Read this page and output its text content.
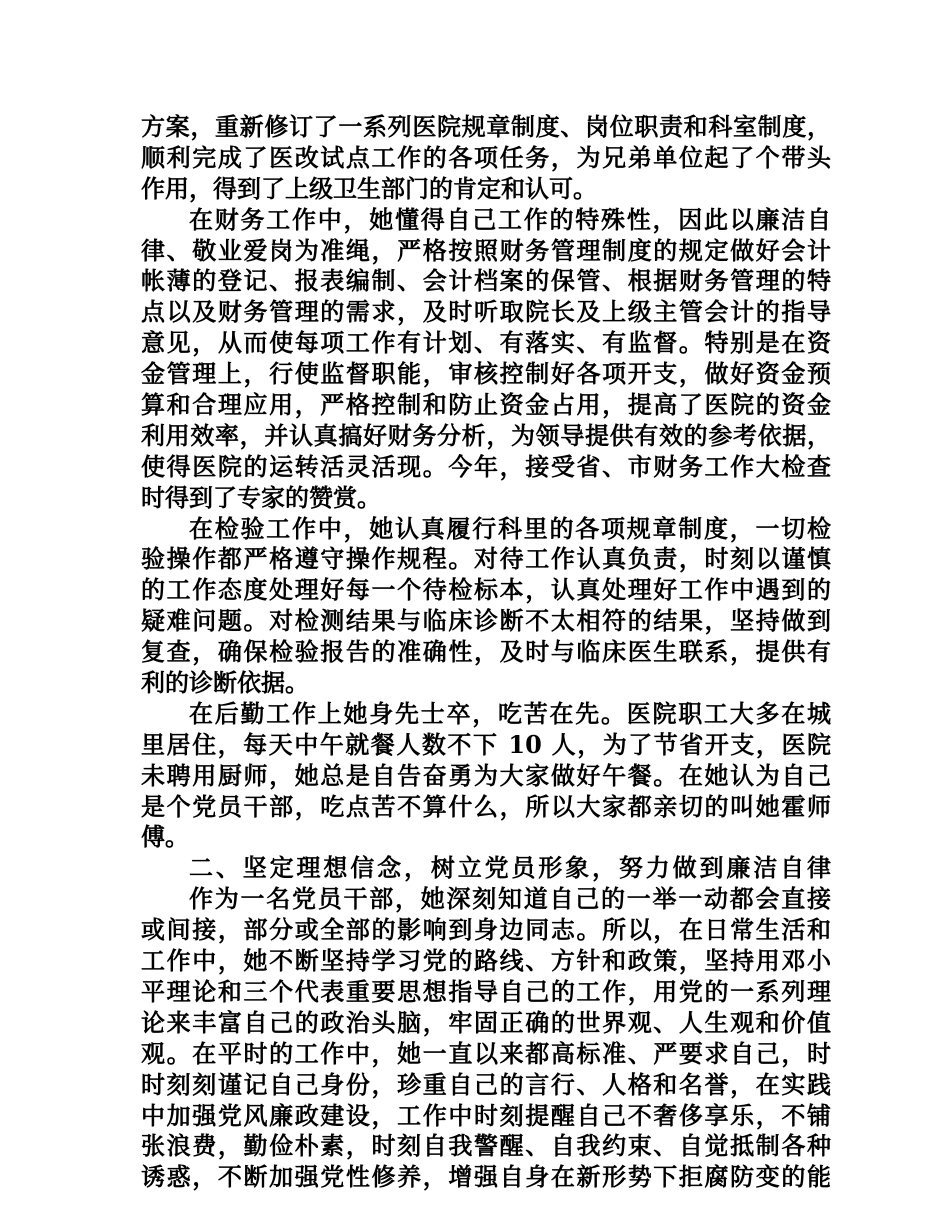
方案，重新修订了一系列医院规章制度、岗位职责和科室制度，
顺利完成了医改试点工作的各项任务，为兄弟单位起了个带头
作用，得到了上级卫生部门的肯定和认可。
在财务工作中，她懂得自己工作的特殊性，因此以廉洁自
律、敬业爱岗为准绳，严格按照财务管理制度的规定做好会计
帐薄的登记、报表编制、会计档案的保管、根据财务管理的特
点以及财务管理的需求，及时听取院长及上级主管会计的指导
意见，从而使每项工作有计划、有落实、有监督。特别是在资
金管理上，行使监督职能，审核控制好各项开支，做好资金预
算和合理应用，严格控制和防止资金占用，提高了医院的资金
利用效率，并认真搞好财务分析，为领导提供有效的参考依据，
使得医院的运转活灵活现。今年，接受省、市财务工作大检查
时得到了专家的赞赏。
在检验工作中，她认真履行科里的各项规章制度，一切检
验操作都严格遵守操作规程。对待工作认真负责，时刻以谨慎
的工作态度处理好每一个待检标本，认真处理好工作中遇到的
疑难问题。对检测结果与临床诊断不太相符的结果，坚持做到
复查，确保检验报告的准确性，及时与临床医生联系，提供有
利的诊断依据。
在后勤工作上她身先士卒，吃苦在先。医院职工大多在城
里居住，每天中午就餐人数不下 10 人，为了节省开支，医院
未聘用厨师，她总是自告奋勇为大家做好午餐。在她认为自己
是个党员干部，吃点苦不算什么，所以大家都亲切的叫她霍师
傅。
二、坚定理想信念，树立党员形象，努力做到廉洁自律
作为一名党员干部，她深刻知道自己的一举一动都会直接
或间接，部分或全部的影响到身边同志。所以，在日常生活和
工作中，她不断坚持学习党的路线、方针和政策，坚持用邓小
平理论和三个代表重要思想指导自己的工作，用党的一系列理
论来丰富自己的政治头脑，牢固正确的世界观、人生观和价值
观。在平时的工作中，她一直以来都高标准、严要求自己，时
时刻刻谨记自己身份，珍重自己的言行、人格和名誉，在实践
中加强党风廉政建设，工作中时刻提醒自己不奢侈享乐，不铺
张浪费，勤俭朴素，时刻自我警醒、自我约束、自觉抵制各种
诱惑，不断加强党性修养，增强自身在新形势下拒腐防变的能
